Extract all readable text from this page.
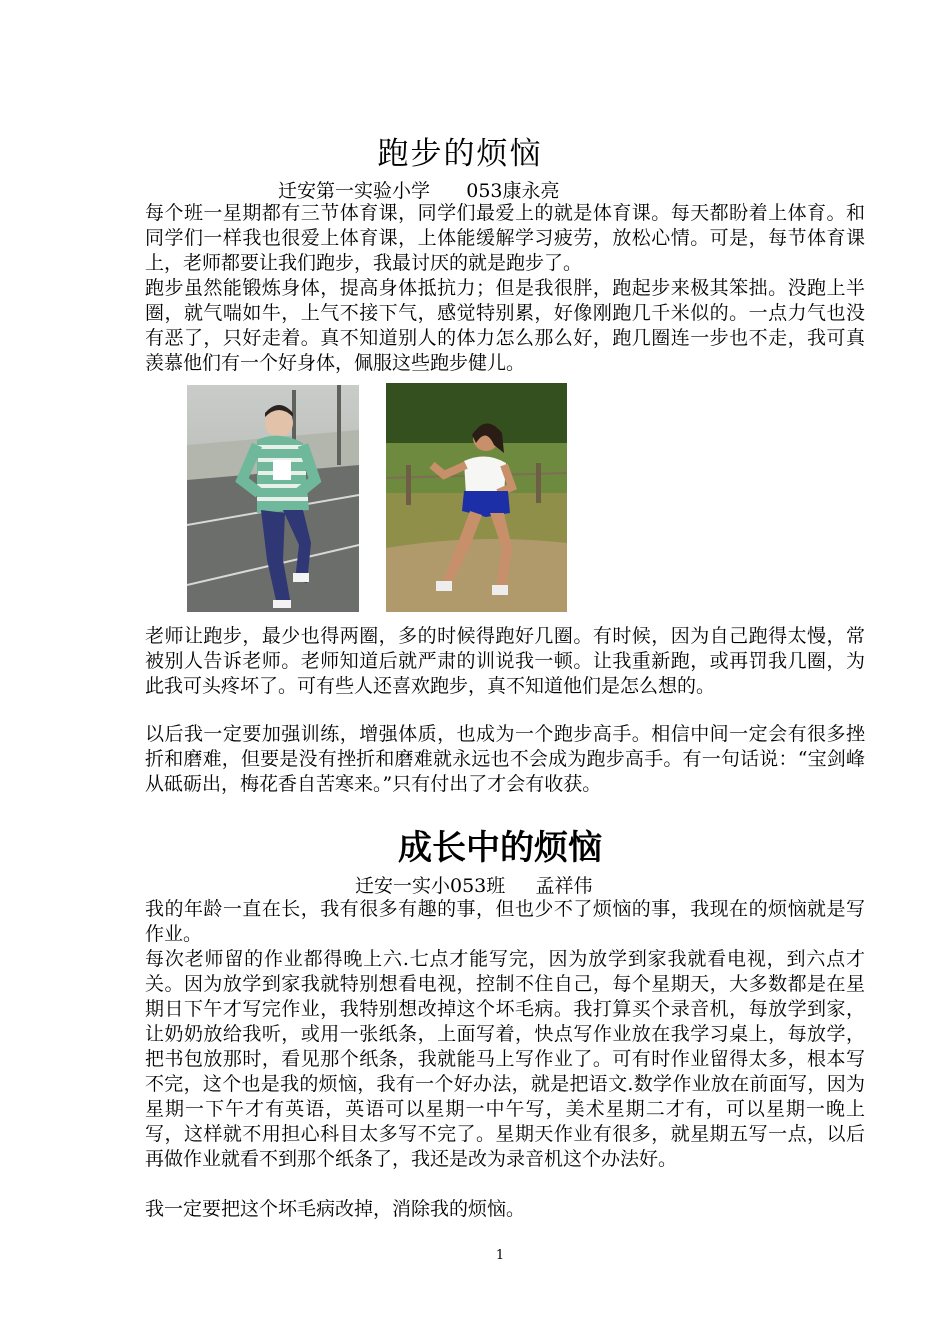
跑步的烦恼
迁安第一实验小学      053康永亮
每个班一星期都有三节体育课，同学们最爱上的就是体育课。每天都盼着上体育。和同学们一样我也很爱上体育课，上体能缓解学习疲劳，放松心情。可是，每节体育课上，老师都要让我们跑步，我最讨厌的就是跑步了。
跑步虽然能锻炼身体，提高身体抵抗力；但是我很胖，跑起步来极其笨拙。没跑上半圈，就气喘如牛，上气不接下气，感觉特别累，好像刚跑几千米似的。一点力气也没有恶了，只好走着。真不知道别人的体力怎么那么好，跑几圈连一步也不走，我可真羡慕他们有一个好身体，佩服这些跑步健儿。
老师让跑步，最少也得两圈，多的时候得跑好几圈。有时候，因为自己跑得太慢，常被别人告诉老师。老师知道后就严肃的训说我一顿。让我重新跑，或再罚我几圈，为此我可头疼坏了。可有些人还喜欢跑步，真不知道他们是怎么想的。
以后我一定要加强训练，增强体质，也成为一个跑步高手。相信中间一定会有很多挫折和磨难，但要是没有挫折和磨难就永远也不会成为跑步高手。有一句话说：“宝剑峰从砥砺出，梅花香自苦寒来。”只有付出了才会有收获。
成长中的烦恼
迁安一实小053班     孟祥伟
我的年龄一直在长，我有很多有趣的事，但也少不了烦恼的事，我现在的烦恼就是写作业。
每次老师留的作业都得晚上六.七点才能写完，因为放学到家我就看电视，到六点才关。因为放学到家我就特别想看电视，控制不住自己，每个星期天，大多数都是在星期日下午才写完作业，我特别想改掉这个坏毛病。我打算买个录音机，每放学到家，让奶奶放给我听，或用一张纸条，上面写着，快点写作业放在我学习桌上，每放学，把书包放那时，看见那个纸条，我就能马上写作业了。可有时作业留得太多，根本写不完，这个也是我的烦恼，我有一个好办法，就是把语文.数学作业放在前面写，因为星期一下午才有英语，英语可以星期一中午写，美术星期二才有，可以星期一晚上写，这样就不用担心科目太多写不完了。星期天作业有很多，就星期五写一点，以后再做作业就看不到那个纸条了，我还是改为录音机这个办法好。
我一定要把这个坏毛病改掉，消除我的烦恼。
1
